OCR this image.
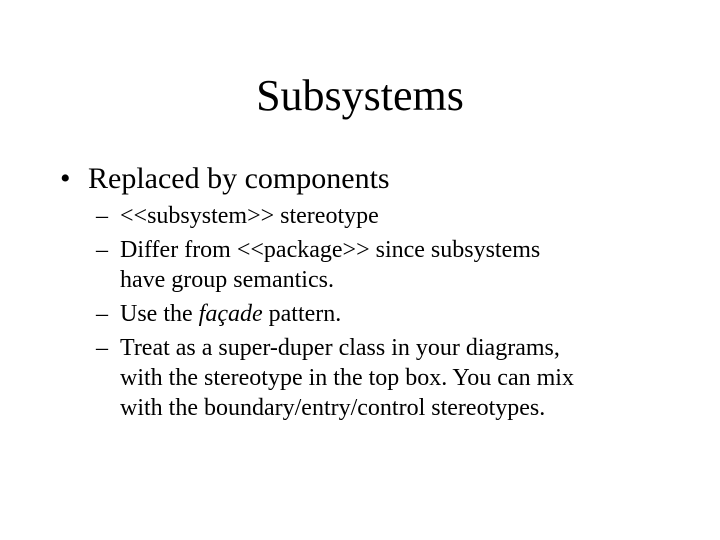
Subsystems
• Replaced by components
– <<subsystem>> stereotype
– Differ from <<package>> since subsystems
have group semantics.
– Use the façade pattern.
– Treat as a super-duper class in your diagrams,
with the stereotype in the top box. You can mix
with the boundary/entry/control stereotypes.
